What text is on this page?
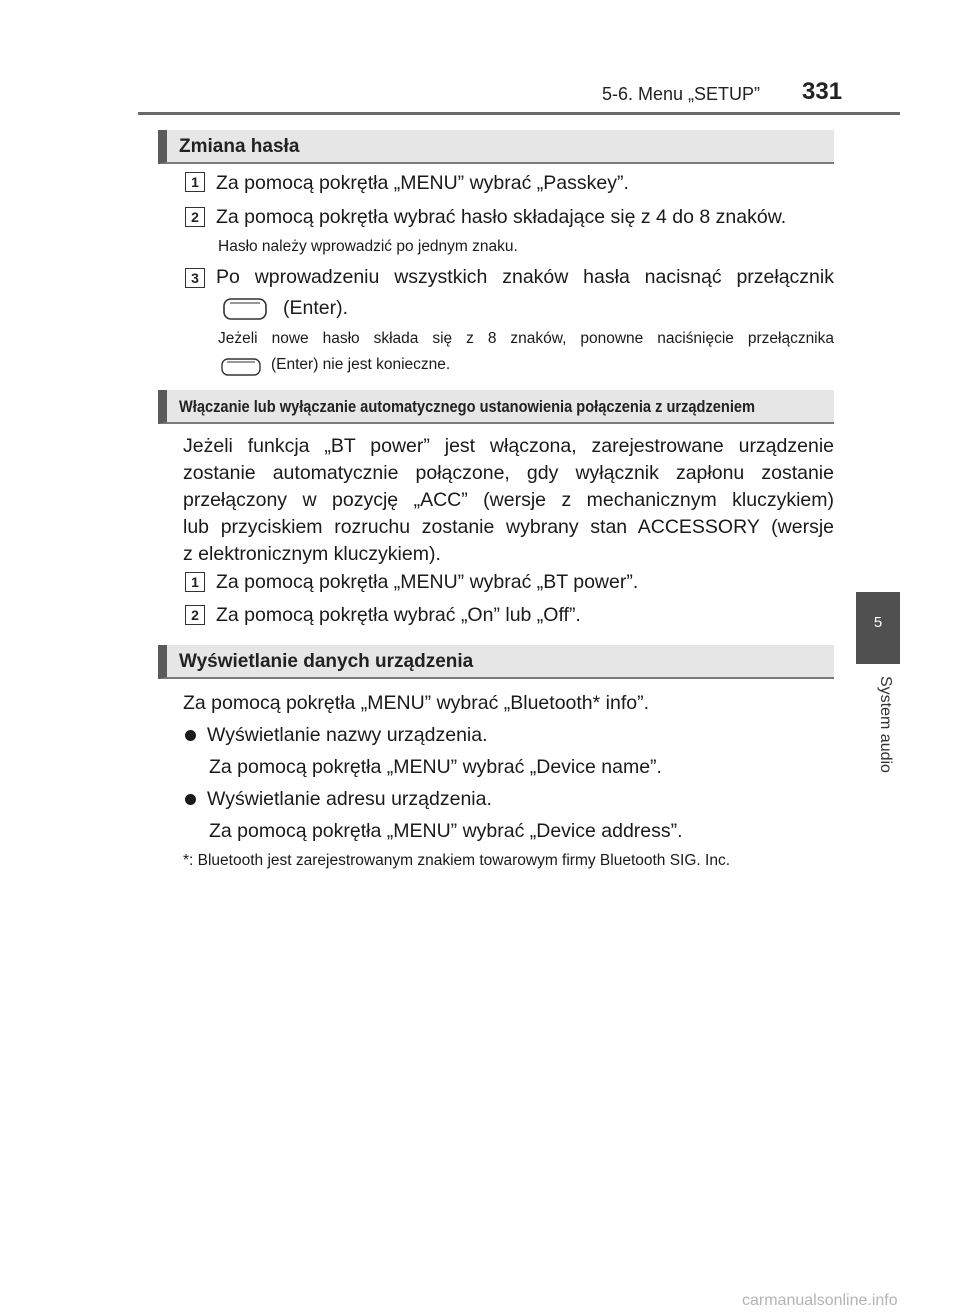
5-6. Menu „SETUP” 331
5
System audio
Zmiana hasła
1 Za pomocą pokrętła „MENU” wybrać „Passkey”.
2 Za pomocą pokrętła wybrać hasło składające się z 4 do 8 znaków.
Hasło należy wprowadzić po jednym znaku.
3 Po wprowadzeniu wszystkich znaków hasła nacisnąć przełącznik
(Enter).
Jeżeli nowe hasło składa się z 8 znaków, ponowne naciśnięcie przełącznika
(Enter) nie jest konieczne.
Włączanie lub wyłączanie automatycznego ustanowienia połączenia z urządzeniem
Jeżeli funkcja „BT power” jest włączona, zarejestrowane urządzenie
zostanie automatycznie połączone, gdy wyłącznik zapłonu zostanie
przełączony w pozycję „ACC” (wersje z mechanicznym kluczykiem)
lub przyciskiem rozruchu zostanie wybrany stan ACCESSORY (wersje
z elektronicznym kluczykiem).
1 Za pomocą pokrętła „MENU” wybrać „BT power”.
2 Za pomocą pokrętła wybrać „On” lub „Off”.
Wyświetlanie danych urządzenia
Za pomocą pokrętła „MENU” wybrać „Bluetooth* info”.
Wyświetlanie nazwy urządzenia.
Za pomocą pokrętła „MENU” wybrać „Device name”.
Wyświetlanie adresu urządzenia.
Za pomocą pokrętła „MENU” wybrać „Device address”.
*: Bluetooth jest zarejestrowanym znakiem towarowym firmy Bluetooth SIG. Inc.
carmanualsonline.info
